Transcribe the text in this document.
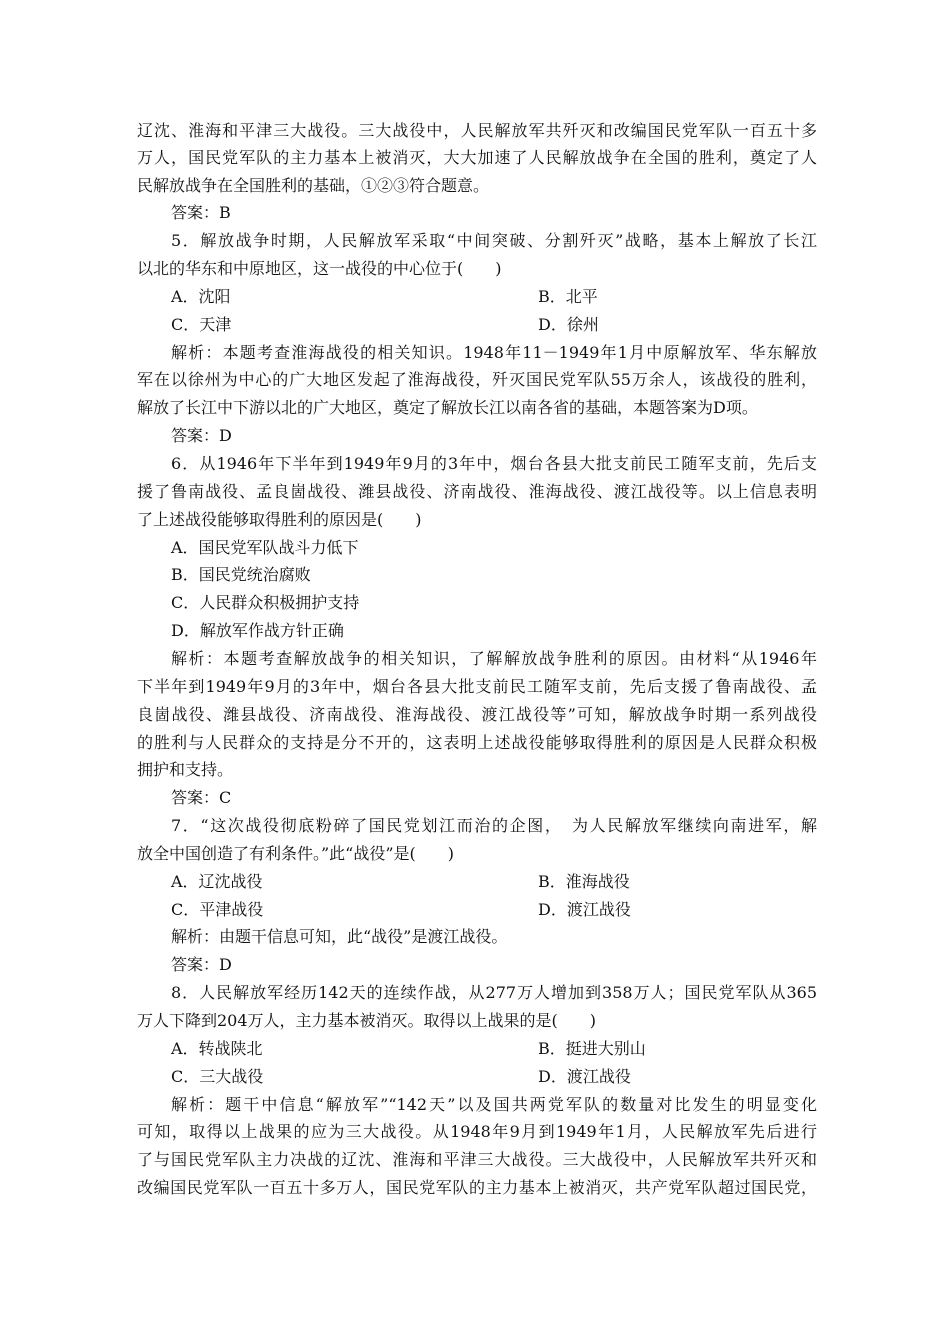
辽沈、淮海和平津三大战役。三大战役中，人民解放军共歼灭和改编国民党军队一百五十多
万人，国民党军队的主力基本上被消灭，大大加速了人民解放战争在全国的胜利，奠定了人
民解放战争在全国胜利的基础，①②③符合题意。
答案：B
5．解放战争时期，人民解放军采取“中间突破、分割歼灭”战略，基本上解放了长江
以北的华东和中原地区，这一战役的中心位于(　　)
A．沈阳	B．北平
C．天津	D．徐州
解析：本题考查淮海战役的相关知识。1948年11－1949年1月中原解放军、华东解放
军在以徐州为中心的广大地区发起了淮海战役，歼灭国民党军队55万余人，该战役的胜利，
解放了长江中下游以北的广大地区，奠定了解放长江以南各省的基础，本题答案为D项。
答案：D
6．从1946年下半年到1949年9月的3年中，烟台各县大批支前民工随军支前，先后支
援了鲁南战役、孟良崮战役、潍县战役、济南战役、淮海战役、渡江战役等。以上信息表明
了上述战役能够取得胜利的原因是(　　)
A．国民党军队战斗力低下
B．国民党统治腐败
C．人民群众积极拥护支持
D．解放军作战方针正确
解析：本题考查解放战争的相关知识，了解解放战争胜利的原因。由材料“从1946年
下半年到1949年9月的3年中，烟台各县大批支前民工随军支前，先后支援了鲁南战役、孟
良崮战役、潍县战役、济南战役、淮海战役、渡江战役等”可知，解放战争时期一系列战役
的胜利与人民群众的支持是分不开的，这表明上述战役能够取得胜利的原因是人民群众积极
拥护和支持。
答案：C
7．“这次战役彻底粉碎了国民党划江而治的企图，　为人民解放军继续向南进军，解
放全中国创造了有利条件。”此“战役”是(　　)
A．辽沈战役	B．淮海战役
C．平津战役	D．渡江战役
解析：由题干信息可知，此“战役”是渡江战役。
答案：D
8．人民解放军经历142天的连续作战，从277万人增加到358万人；国民党军队从365
万人下降到204万人，主力基本被消灭。取得以上战果的是(　　)
A．转战陕北	B．挺进大别山
C．三大战役	D．渡江战役
解析：题干中信息“解放军”“142天”以及国共两党军队的数量对比发生的明显变化
可知，取得以上战果的应为三大战役。从1948年9月到1949年1月，人民解放军先后进行
了与国民党军队主力决战的辽沈、淮海和平津三大战役。三大战役中，人民解放军共歼灭和
改编国民党军队一百五十多万人，国民党军队的主力基本上被消灭，共产党军队超过国民党，
